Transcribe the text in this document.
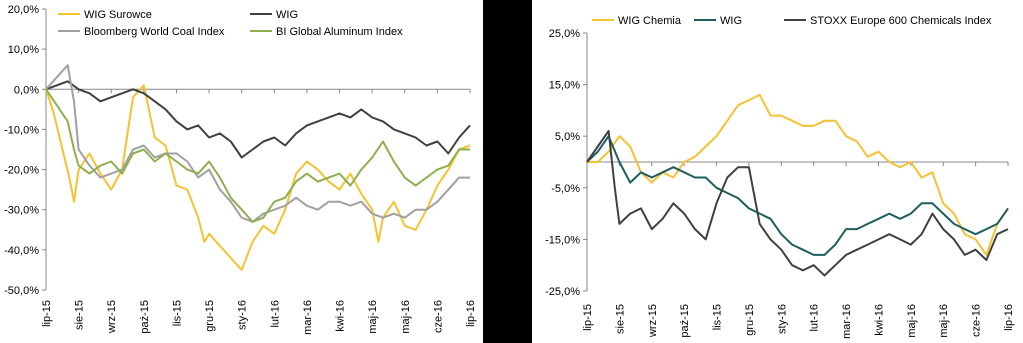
-50,0%
-40,0%
-30,0%
-20,0%
-10,0%
0,0%
10,0%
20,0%
lip-15 sie-15 wrz-15 paź-15 lis-15 gru-15 sty-16 lut-16 mar-16 kwi-16 maj-16 maj-16 cze-16 lip-16
WIG Surowce	WIG
Bloomberg World Coal Index	BI Global Aluminum Index
-25,0%
-15,0%
-5,0%
5,0%
15,0%
25,0%
lip-15 sie-15 wrz-15 paź-15 lis-15 gru-15 sty-16 lut-16 mar-16 kwi-16 maj-16 maj-16 cze-16 lip-16
WIG Chemia	WIG	STOXX Europe 600 Chemicals Index
